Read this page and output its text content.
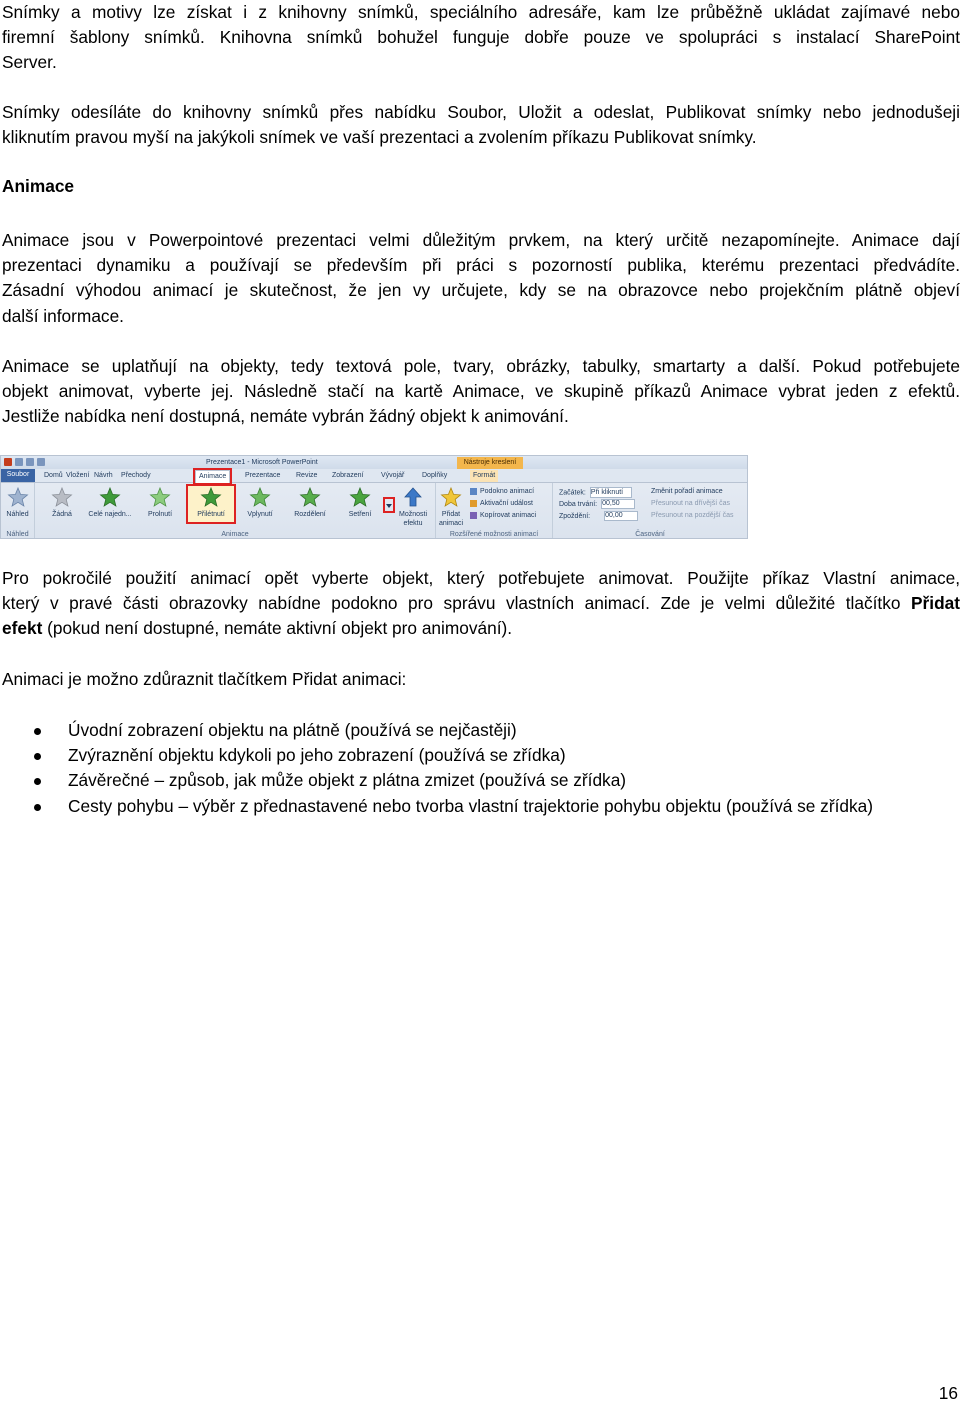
Snímky a motivy lze získat i z knihovny snímků, speciálního adresáře, kam lze průběžně ukládat zajímavé nebo
firemní šablony snímků. Knihovna snímků bohužel funguje dobře pouze ve spolupráci s instalací SharePoint
Server.
Snímky odesíláte do knihovny snímků přes nabídku Soubor, Uložit a odeslat, Publikovat snímky nebo jednodušeji
kliknutím pravou myší na jakýkoli snímek ve vaší prezentaci a zvolením příkazu Publikovat snímky.
Animace
Animace jsou v Powerpointové prezentaci velmi důležitým prvkem, na který určitě nezapomínejte. Animace dají
prezentaci dynamiku a používají se především při práci s pozorností publika, kterému prezentaci předvádíte.
Zásadní výhodou animací je skutečnost, že jen vy určujete, kdy se na obrazovce nebo projekčním plátně objeví
další informace.
Animace se uplatňují na objekty, tedy textová pole, tvary, obrázky, tabulky, smartarty a další. Pokud potřebujete
objekt animovat, vyberte jej. Následně stačí na kartě Animace, ve skupině příkazů Animace vybrat jeden z efektů.
Jestliže nabídka není dostupná, nemáte vybrán žádný objekt k animování.
Prezentace1 - Microsoft PowerPoint	Nástroje kreslení
Soubor	Domů Vložení Návrh	Přechody	Animace	Prezentace	Revize	Zobrazení	Vývojář	Doplňky	Formát
Náhled
Náhled
Žádná	Celé najedn...	Prolnutí	Přilétnutí	Vplynutí	Rozdělení	Setření	Možnosti efektu
Animace
Přidat animaci
Podokno animací
Aktivační událost
Kopírovat animaci
Rozšířené možnosti animací
Začátek: Při kliknutí
Doba trvání: 00,50
Zpoždění: 00,00
Změnit pořadí animace
Přesunout na dřívější čas
Přesunout na pozdější čas
Časování
Pro pokročilé použití animací opět vyberte objekt, který potřebujete animovat. Použijte příkaz Vlastní animace,
který v pravé části obrazovky nabídne podokno pro správu vlastních animací. Zde je velmi důležité tlačítko Přidat
efekt (pokud není dostupné, nemáte aktivní objekt pro animování).
Animaci je možno zdůraznit tlačítkem Přidat animaci:
Úvodní zobrazení objektu na plátně (používá se nejčastěji)
Zvýraznění objektu kdykoli po jeho zobrazení (používá se zřídka)
Závěrečné – způsob, jak může objekt z plátna zmizet (používá se zřídka)
Cesty pohybu – výběr z přednastavené nebo tvorba vlastní trajektorie pohybu objektu (používá se zřídka)
16
